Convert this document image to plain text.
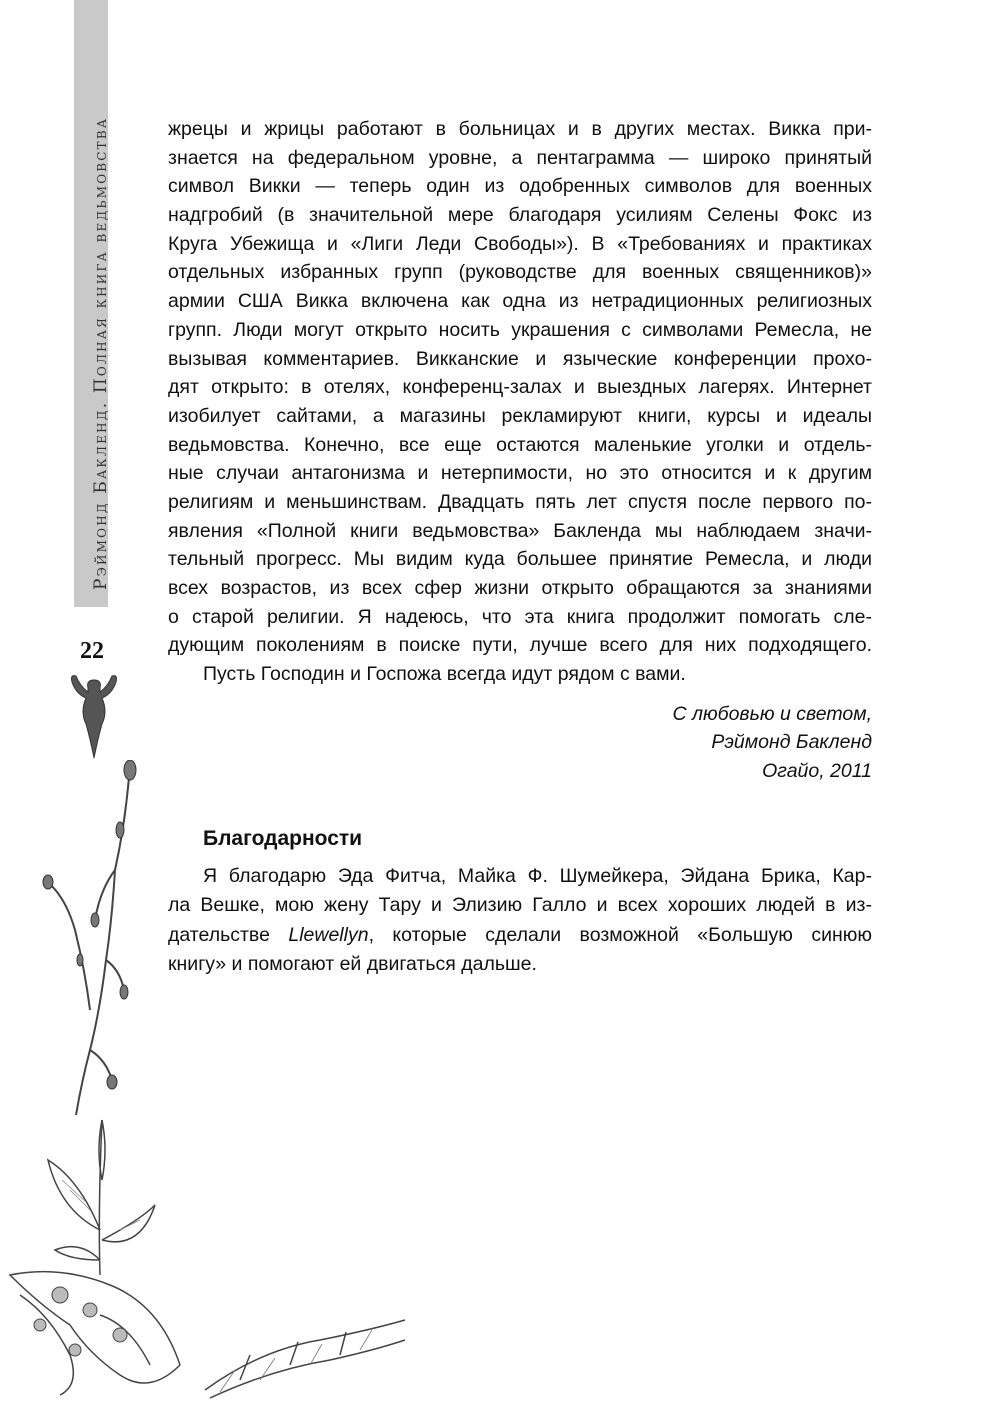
Рэймонд Бакленд. Полная книга ведьмовства
22
жрецы и жрицы работают в больницах и в других местах. Викка при-
знается на федеральном уровне, а пентаграмма — широко принятый
символ Викки — теперь один из одобренных символов для военных
надгробий (в значительной мере благодаря усилиям Селены Фокс из
Круга Убежища и «Лиги Леди Свободы»). В «Требованиях и практиках
отдельных избранных групп (руководстве для военных священников)»
армии США Викка включена как одна из нетрадиционных религиозных
групп. Люди могут открыто носить украшения с символами Ремесла, не
вызывая комментариев. Викканские и языческие конференции прохо-
дят открыто: в отелях, конференц-залах и выездных лагерях. Интернет
изобилует сайтами, а магазины рекламируют книги, курсы и идеалы
ведьмовства. Конечно, все еще остаются маленькие уголки и отдель-
ные случаи антагонизма и нетерпимости, но это относится и к другим
религиям и меньшинствам. Двадцать пять лет спустя после первого по-
явления «Полной книги ведьмовства» Бакленда мы наблюдаем значи-
тельный прогресс. Мы видим куда большее принятие Ремесла, и люди
всех возрастов, из всех сфер жизни открыто обращаются за знаниями
о старой религии. Я надеюсь, что эта книга продолжит помогать сле-
дующим поколениям в поиске пути, лучше всего для них подходящего.
Пусть Господин и Госпожа всегда идут рядом с вами.
С любовью и светом,
Рэймонд Бакленд
Огайо, 2011
Благодарности
Я благодарю Эда Фитча, Майка Ф. Шумейкера, Эйдана Брика, Кар-
ла Вешке, мою жену Тару и Элизию Галло и всех хороших людей в из-
дательстве Llewellyn, которые сделали возможной «Большую синюю
книгу» и помогают ей двигаться дальше.
